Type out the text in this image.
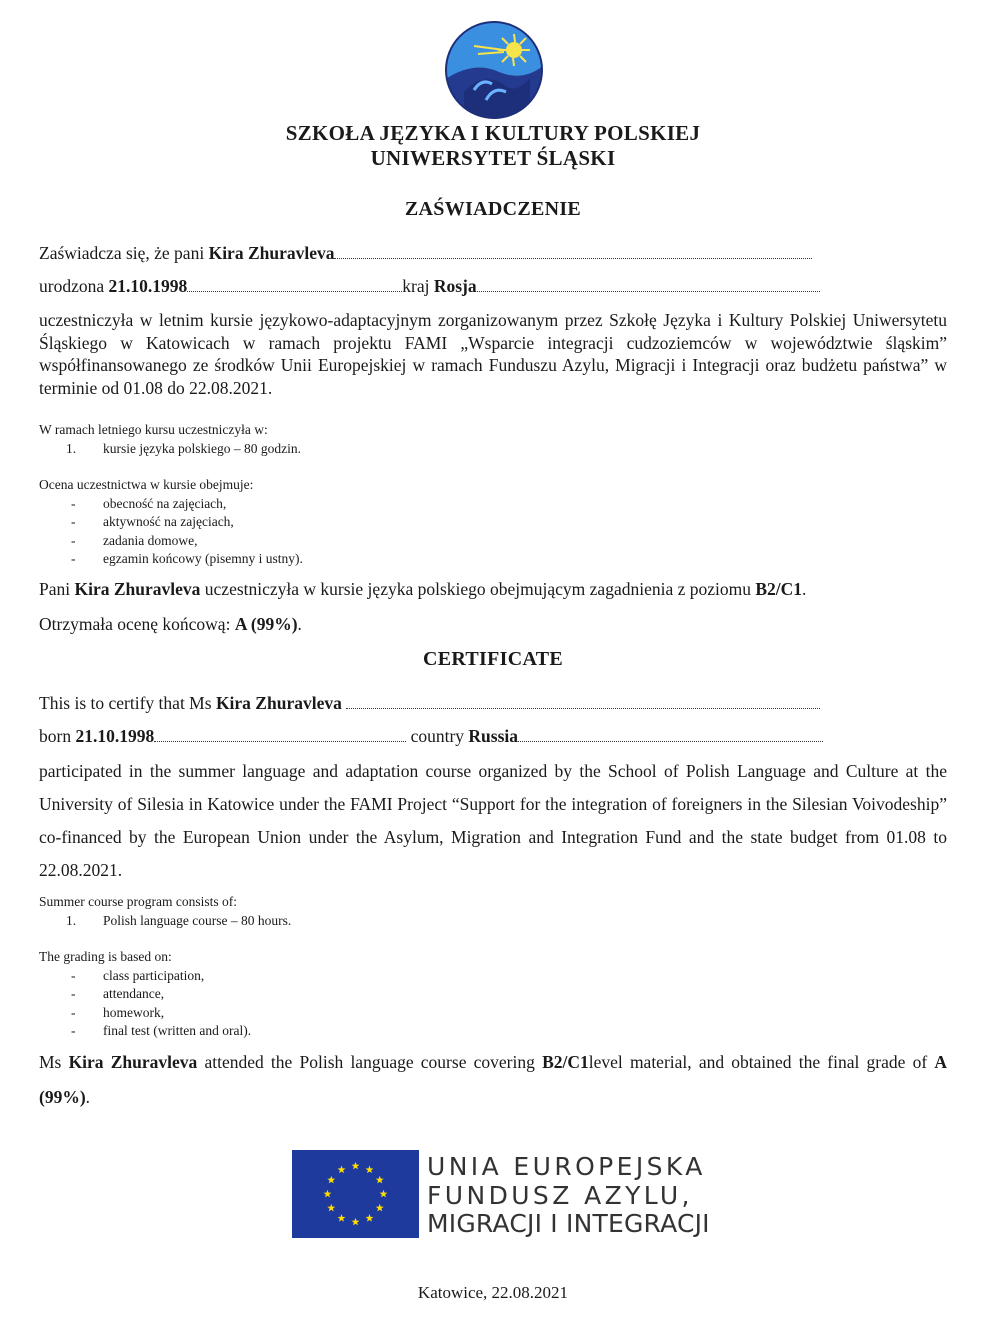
SZKOŁA JĘZYKA I KULTURY POLSKIEJ
UNIWERSYTET ŚLĄSKI
ZAŚWIADCZENIE
Zaświadcza się, że pani Kira Zhuravleva
urodzona 21.10.1998	kraj Rosja
uczestniczyła w letnim kursie językowo-adaptacyjnym zorganizowanym przez Szkołę Języka i Kultury Polskiej Uniwersytetu Śląskiego w Katowicach w ramach projektu FAMI „Wsparcie integracji cudzoziemców w województwie śląskim” współfinansowanego ze środków Unii Europejskiej w ramach Funduszu Azylu, Migracji i Integracji oraz budżetu państwa” w terminie od 01.08 do 22.08.2021.
W ramach letniego kursu uczestniczyła w:
1. kursie języka polskiego – 80 godzin.
Ocena uczestnictwa w kursie obejmuje:
- obecność na zajęciach,
- aktywność na zajęciach,
- zadania domowe,
- egzamin końcowy (pisemny i ustny).
Pani Kira Zhuravleva uczestniczyła w kursie języka polskiego obejmującym zagadnienia z poziomu B2/C1.
Otrzymała ocenę końcową: A (99%).
CERTIFICATE
This is to certify that Ms Kira Zhuravleva
born 21.10.1998	country Russia
participated in the summer language and adaptation course organized by the School of Polish Language and Culture at the University of Silesia in Katowice under the FAMI Project “Support for the integration of foreigners in the Silesian Voivodeship” co-financed by the European Union under the Asylum, Migration and Integration Fund and the state budget from 01.08 to 22.08.2021.
Summer course program consists of:
1. Polish language course – 80 hours.
The grading is based on:
- class participation,
- attendance,
- homework,
- final test (written and oral).
Ms Kira Zhuravleva attended the Polish language course covering B2/C1level material, and obtained the final grade of A (99%).
UNIA EUROPEJSKA
FUNDUSZ AZYLU,
MIGRACJI I INTEGRACJI
Katowice, 22.08.2021
